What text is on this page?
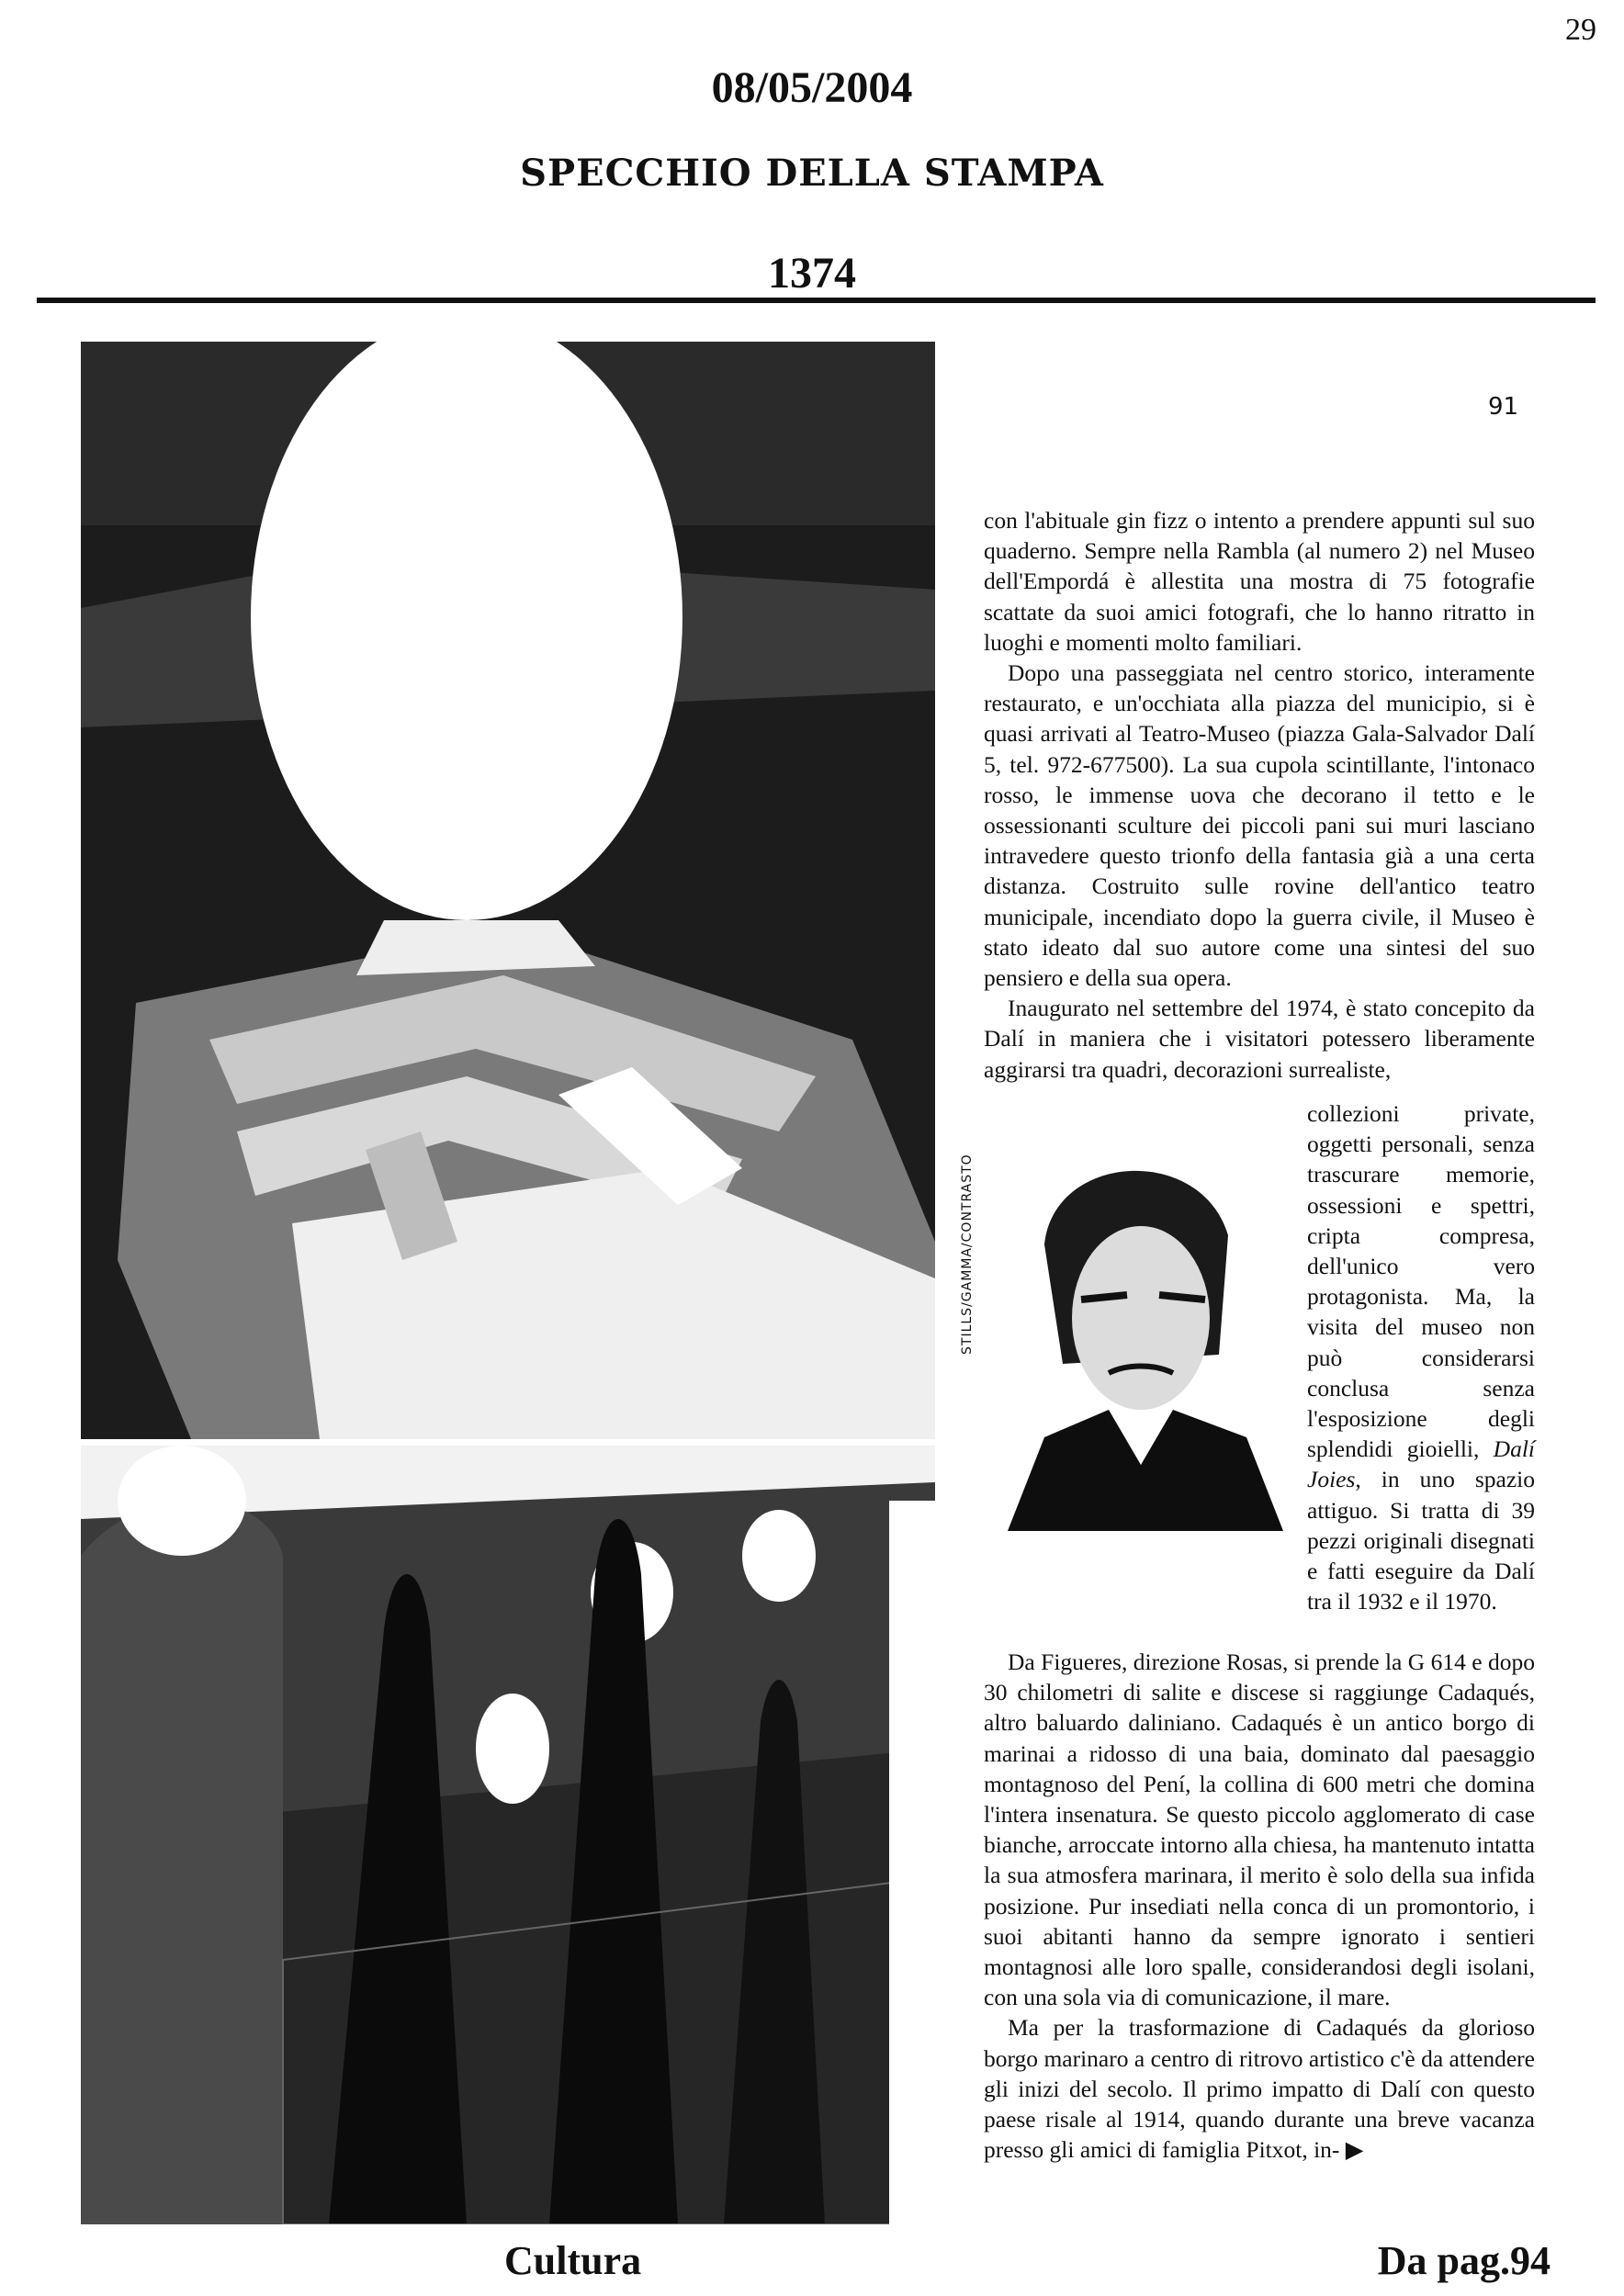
29
08/05/2004
SPECCHIO DELLA STAMPA
1374
91

con l'abituale gin fizz o intento a prendere appunti sul suo quaderno. Sempre nella Rambla (al numero 2) nel Museo dell'Empordá è allestita una mostra di 75 fotografie scattate da suoi amici fotografi, che lo hanno ritratto in luoghi e momenti molto familiari.

Dopo una passeggiata nel centro storico, interamente restaurato, e un'occhiata alla piazza del municipio, si è quasi arrivati al Teatro-Museo (piazza Gala-Salvador Dalí 5, tel. 972-677500). La sua cupola scintillante, l'intonaco rosso, le immense uova che decorano il tetto e le ossessionanti sculture dei piccoli pani sui muri lasciano intravedere questo trionfo della fantasia già a una certa distanza. Costruito sulle rovine dell'antico teatro municipale, incendiato dopo la guerra civile, il Museo è stato ideato dal suo autore come una sintesi del suo pensiero e della sua opera.

Inaugurato nel settembre del 1974, è stato concepito da Dalí in maniera che i visitatori potessero liberamente aggirarsi tra quadri, decorazioni surrealiste,

STILLS/GAMMA/CONTRASTO

collezioni private, oggetti personali, senza trascurare memorie, ossessioni e spettri, cripta compresa, dell'unico vero protagonista. Ma, la visita del museo non può considerarsi conclusa senza l'esposizione degli splendidi gioielli, Dalí Joies, in uno spazio attiguo. Si tratta di 39 pezzi originali disegnati e fatti eseguire da Dalí tra il 1932 e il 1970.

Da Figueres, direzione Rosas, si prende la G 614 e dopo 30 chilometri di salite e discese si raggiunge Cadaqués, altro baluardo daliniano. Cadaqués è un antico borgo di marinai a ridosso di una baia, dominato dal paesaggio montagnoso del Pení, la collina di 600 metri che domina l'intera insenatura. Se questo piccolo agglomerato di case bianche, arroccate intorno alla chiesa, ha mantenuto intatta la sua atmosfera marinara, il merito è solo della sua infida posizione. Pur insediati nella conca di un promontorio, i suoi abitanti hanno da sempre ignorato i sentieri montagnosi alle loro spalle, considerandosi degli isolani, con una sola via di comunicazione, il mare.

Ma per la trasformazione di Cadaqués da glorioso borgo marinaro a centro di ritrovo artistico c'è da attendere gli inizi del secolo. Il primo impatto di Dalí con questo paese risale al 1914, quando durante una breve vacanza presso gli amici di famiglia Pitxot, in- ▶

Cultura	Da pag.94
